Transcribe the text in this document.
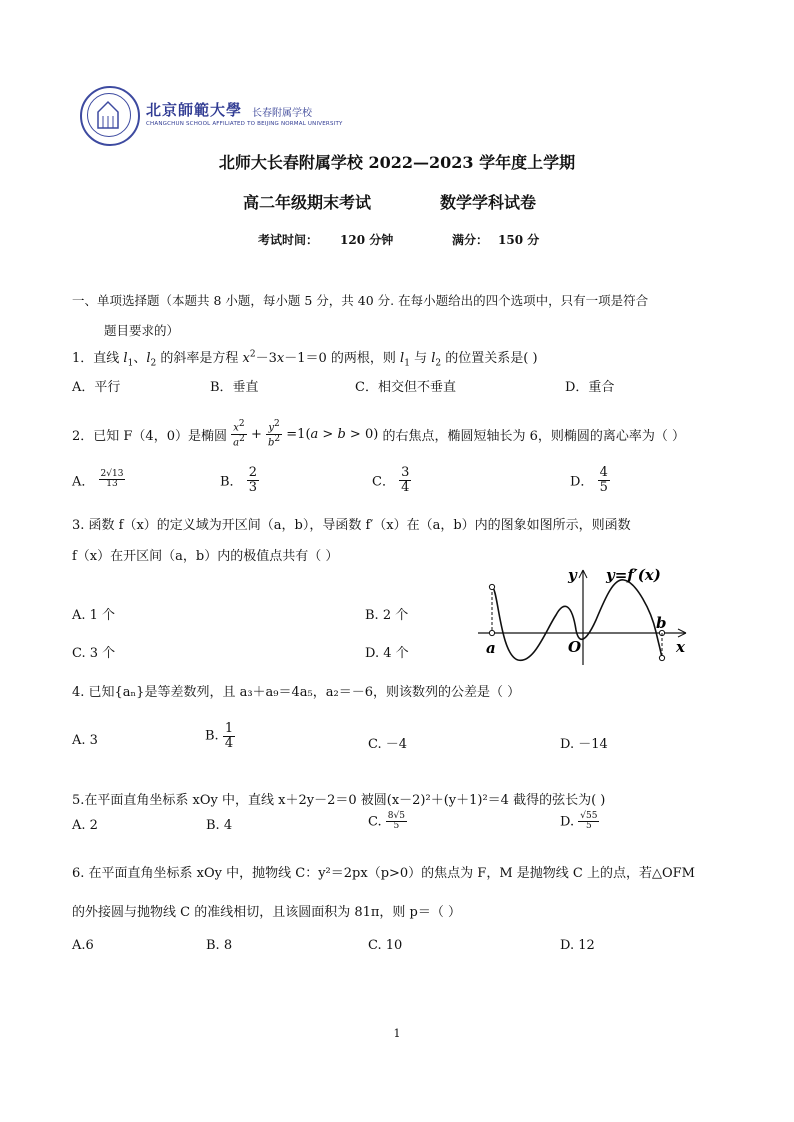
北京師範大學 长春附属学校
CHANGCHUN SCHOOL AFFILIATED TO BEIJING NORMAL UNIVERSITY
北师大长春附属学校 2022—2023 学年度上学期
高二年级期末考试	数学学科试卷
考试时间： 120 分钟	满分： 150 分
一、单项选择题（本题共 8 小题，每小题 5 分，共 40 分. 在每小题给出的四个选项中，只有一项是符合
题目要求的）
1．直线 $l_1$、$l_2$ 的斜率是方程 $x^2-3x-1=0$ 的两根，则 $l_1$ 与 $l_2$ 的位置关系是( )
A．平行	B．垂直	C．相交但不垂直	D．重合
2．已知 F（4，0）是椭圆 $\frac{x^2}{a^2} + \frac{y^2}{b^2} =1(a > b > 0)$ 的右焦点，椭圆短轴长为 6，则椭圆的离心率为（ ）
A． $\frac{2√13}{13}$	B． $\frac{2}{3}$	C． $\frac{3}{4}$	D． $\frac{4}{5}$
3. 函数 f（x）的定义域为开区间（a，b），导函数 f′（x）在（a，b）内的图象如图所示，则函数
f（x）在开区间（a，b）内的极值点共有（ ）
A. 1 个	B. 2 个
C. 3 个	D. 4 个
y y=f′(x)
a	O
b
x
4. 已知{aₙ}是等差数列，且 a₃＋a₉＝4a₅，a₂＝－6，则该数列的公差是（ ）
A. 3	B. $\frac{1}{4}$	C. －4	D. －14
5.在平面直角坐标系 xOy 中，直线 x＋2y－2＝0 被圆(x－2)²＋(y＋1)²＝4 截得的弦长为( )
A. 2	B. 4	C. $\frac{8√5}{5}$	D. $\frac{√55}{5}$
6. 在平面直角坐标系 xOy 中，抛物线 C：y²＝2px（p>0）的焦点为 F，M 是抛物线 C 上的点，若△OFM
的外接圆与抛物线 C 的准线相切，且该圆面积为 81π，则 p＝（ ）
A.6	B. 8	C. 10	D. 12
1
